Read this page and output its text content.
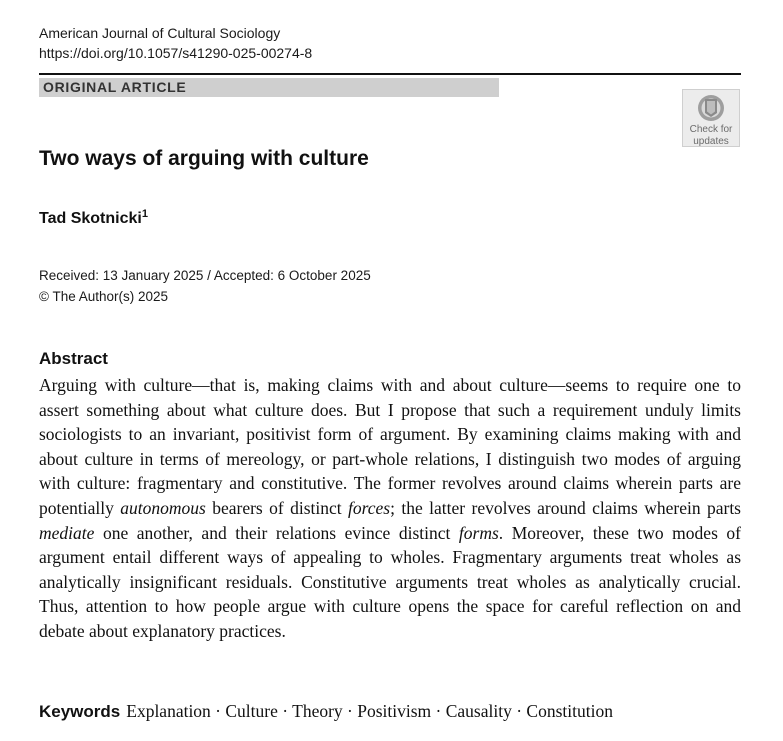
American Journal of Cultural Sociology
https://doi.org/10.1057/s41290-025-00274-8
ORIGINAL ARTICLE
Check for
updates
Two ways of arguing with culture
Tad Skotnicki$^1$
Received: 13 January 2025 / Accepted: 6 October 2025
© The Author(s) 2025
Abstract

Arguing with culture—that is, making claims with and about culture—seems to require one to assert something about what culture does. But I propose that such a requirement unduly limits sociologists to an invariant, positivist form of argument. By examining claims making with and about culture in terms of mereology, or part-whole relations, I distinguish two modes of arguing with culture: fragmentary and constitutive. The former revolves around claims wherein parts are potentially autonomous bearers of distinct forces; the latter revolves around claims wherein parts mediate one another, and their relations evince distinct forms. Moreover, these two modes of argument entail different ways of appealing to wholes. Fragmentary arguments treat wholes as analytically insignificant residuals. Constitutive arguments treat wholes as analytically crucial. Thus, attention to how people argue with culture opens the space for careful reflection on and debate about explanatory practices.

Keywords Explanation · Culture · Theory · Positivism · Causality · Constitution
